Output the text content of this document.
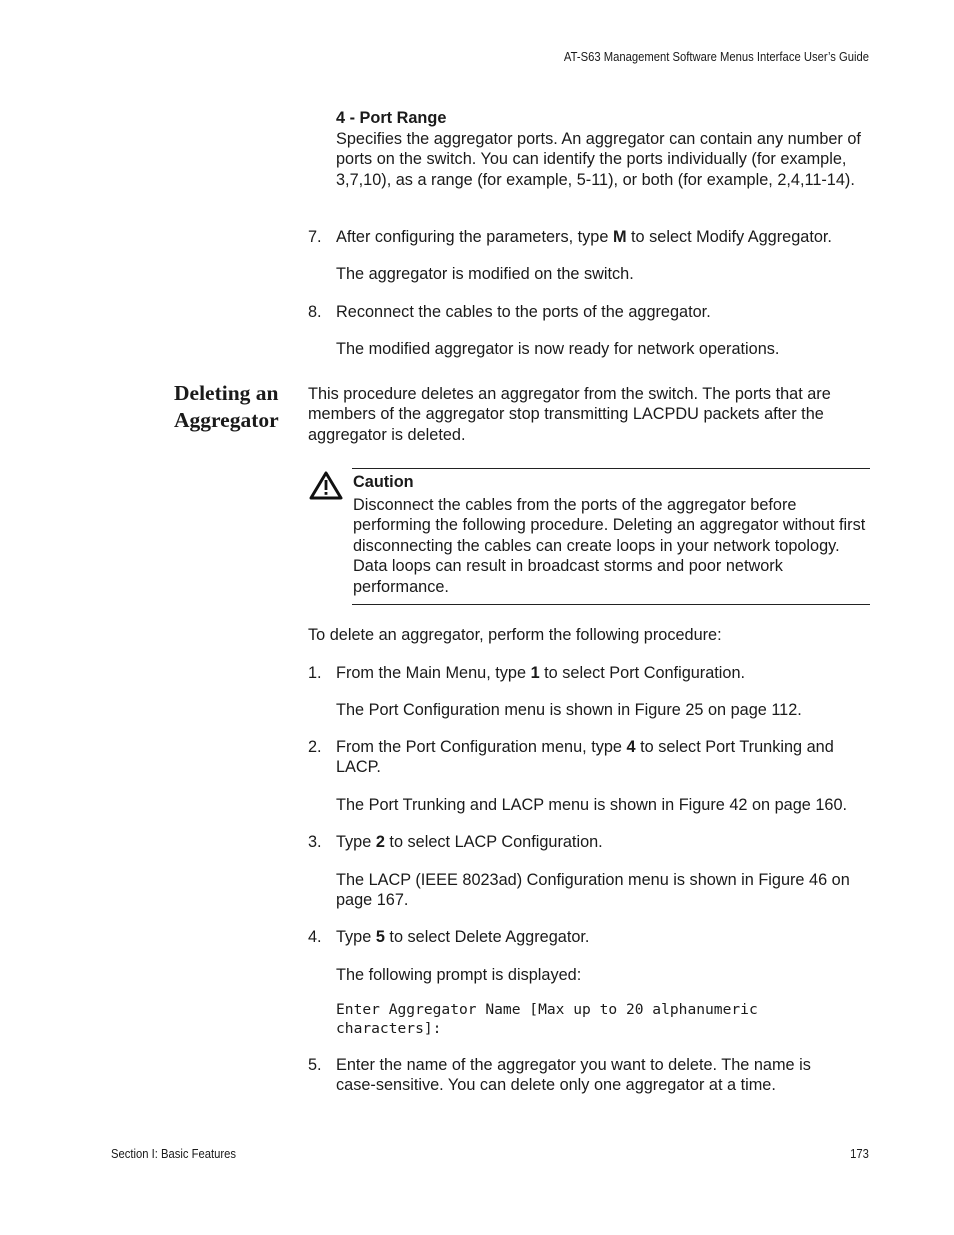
AT-S63 Management Software Menus Interface User’s Guide

4 - Port Range

Specifies the aggregator ports. An aggregator can contain any number of ports on the switch. You can identify the ports individually (for example, 3,7,10), as a range (for example, 5-11), or both (for example, 2,4,11-14).

7. After configuring the parameters, type M to select Modify Aggregator.

The aggregator is modified on the switch.

8. Reconnect the cables to the ports of the aggregator.

The modified aggregator is now ready for network operations.

Deleting an

Aggregator

This procedure deletes an aggregator from the switch. The ports that are members of the aggregator stop transmitting LACPDU packets after the aggregator is deleted.

Caution

Disconnect the cables from the ports of the aggregator before performing the following procedure. Deleting an aggregator without first disconnecting the cables can create loops in your network topology. Data loops can result in broadcast storms and poor network performance.

To delete an aggregator, perform the following procedure:

1. From the Main Menu, type 1 to select Port Configuration.

The Port Configuration menu is shown in Figure 25 on page 112.

2. From the Port Configuration menu, type 4 to select Port Trunking and LACP.

The Port Trunking and LACP menu is shown in Figure 42 on page 160.

3. Type 2 to select LACP Configuration.

The LACP (IEEE 8023ad) Configuration menu is shown in Figure 46 on page 167.

4. Type 5 to select Delete Aggregator.

The following prompt is displayed:

Enter Aggregator Name [Max up to 20 alphanumeric

characters]:

5. Enter the name of the aggregator you want to delete. The name is case-sensitive. You can delete only one aggregator at a time.

Section I: Basic Features	173
